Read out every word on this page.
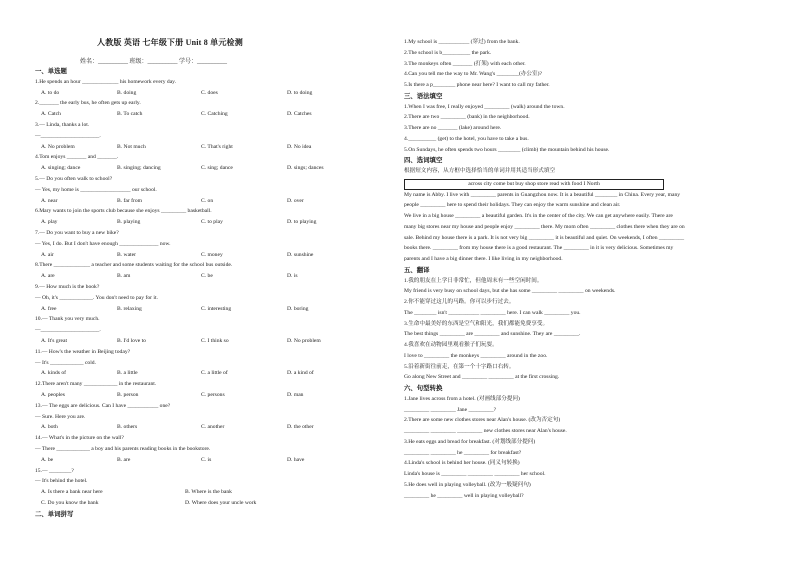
人教版 英语 七年级下册 Unit 8 单元检测
姓名：__________ 班级：__________ 学号：__________
一、单选题
1.He spends an hour _____________ his homework every day.
A. to do	B. doing	C. does	D. to doing
2._______ the early bus, he often gets up early.
A. Catch	B. To catch	C. Catching	D. Catches
3.— Linda, thanks a lot.
—_____________________.
A. No problem	B. Not much	C. That's right	D. No idea
4.Tom enjoys _______ and _______.
A. singing; dance	B. singing; dancing	C. sing; dance	D. sings; dances
5.— Do you often walk to school?
— Yes, my home is __________________ our school.
A. near	B. far from	C. on	D. over
6.Mary wants to join the sports club because she enjoys _________ basketball.
A. play	B. playing	C. to play	D. to playing
7.— Do you want to buy a new bike?
— Yes, I do. But I don't have enough ______________ now.
A. air	B. water	C. money	D. sunshine
8.There _____________ a teacher and some students waiting for the school bus outside.
A. are	B. am	C. be	D. is
9.— How much is the book?
— Oh, it's ____________. You don't need to pay for it.
A. free	B. relaxing	C. interesting	D. boring
10.— Thank you very much.
—_____________________.
A. It's great	B. I'd love to	C. I think so	D. No problem
11.— How's the weather in Beijing today?
— It's ____________ cold.
A. kinds of	B. a little	C. a little of	D. a kind of
12.There aren't many ____________ in the restaurant.
A. peoples	B. person	C. persons	D. man
13.— The eggs are delicious. Can I have ___________ one?
— Sure. Here you are.
A. both	B. others	C. another	D. the other
14.— What's in the picture on the wall?
— There ____________ a boy and his parents reading books in the bookstore.
A. be	B. are	C. is	D. have
15.— ________?
— It's behind the hotel.
A. Is there a bank near here	B. Where is the bank
C. Do you know the bank	D. Where does your uncle work
二、单词拼写
1.My school is ___________ (穿过) from the bank.
2.The school is b__________ the park.
3.The monkeys often _______ (打架) with each other.
4.Can you tell me the way to Mr. Wang's ________(办公室)?
5.Is there a p________ phone near here? I want to call my father.
三、语法填空
1.When I was free, I really enjoyed _________ (walk) around the town.
2.There are two _________ (bank) in the neighborhood.
3.There are no _______ (lake) around here.
4.__________ (get) to the hotel, you have to take a bus.
5.On Sundays, he often spends two hours ________ (climb) the mountain behind his house.
四、选词填空
根据短文内容，从方框中选择恰当的单词并用其适当形式填空
across city come but buy shop store read with food I North
My name is Abby. I live with _________ parents in Guangzhou now. It is a beautiful ________ in China. Every year, many
people _________ here to spend their holidays. They can enjoy the warm sunshine and clean air.
We live in a big house _________ a beautiful garden. It's in the center of the city. We can get anywhere easily. There are
many big stores near my house and people enjoy _________ there. My mom often _________ clothes there when they are on
sale. Behind my house there is a park. It is not very big _________ it is beautiful and quiet. On weekends, I often _________
books there. _________ from my house there is a good restaurant. The _________ in it is very delicious. Sometimes my
parents and I have a big dinner there. I like living in my neighborhood.
五、翻译
1.我的朋友在上学日非常忙，但他周末有一些空闲时间。
My friend is very busy on school days, but she has some _________ _________ on weekends.
2.你不能穿过这儿的马路。你可以步行过去。
The ________ isn't ___________ _________ here. I can walk _________ you.
3.生命中最美好的东西是空气和阳光，我们都能免费享受。
The best things _________ are _________ and sunshine. They are _________.
4.我喜欢在动物园里观看猴子们玩耍。
I love to _________ the monkeys _________ around in the zoo.
5.沿着新街往前走，在第一个十字路口右转。
Go along New Street and _________ _________ at the first crossing.
六、句型转换
1.Jane lives across from a hotel. (对画线部分提问)
_________ _________ Jane _________?
2.There are some new clothes stores near Alan's house. (改为否定句)
_________ _________ _________ new clothes stores near Alan's house.
3.He eats eggs and bread for breakfast. (对划线部分提问)
_________ _________ he _________ for breakfast?
4.Linda's school is behind her house. (同义句转换)
Linda's house is _________ _________ _________ her school.
5.He does well in playing volleyball. (改为一般疑问句)
_________ he _________ well in playing volleyball?
